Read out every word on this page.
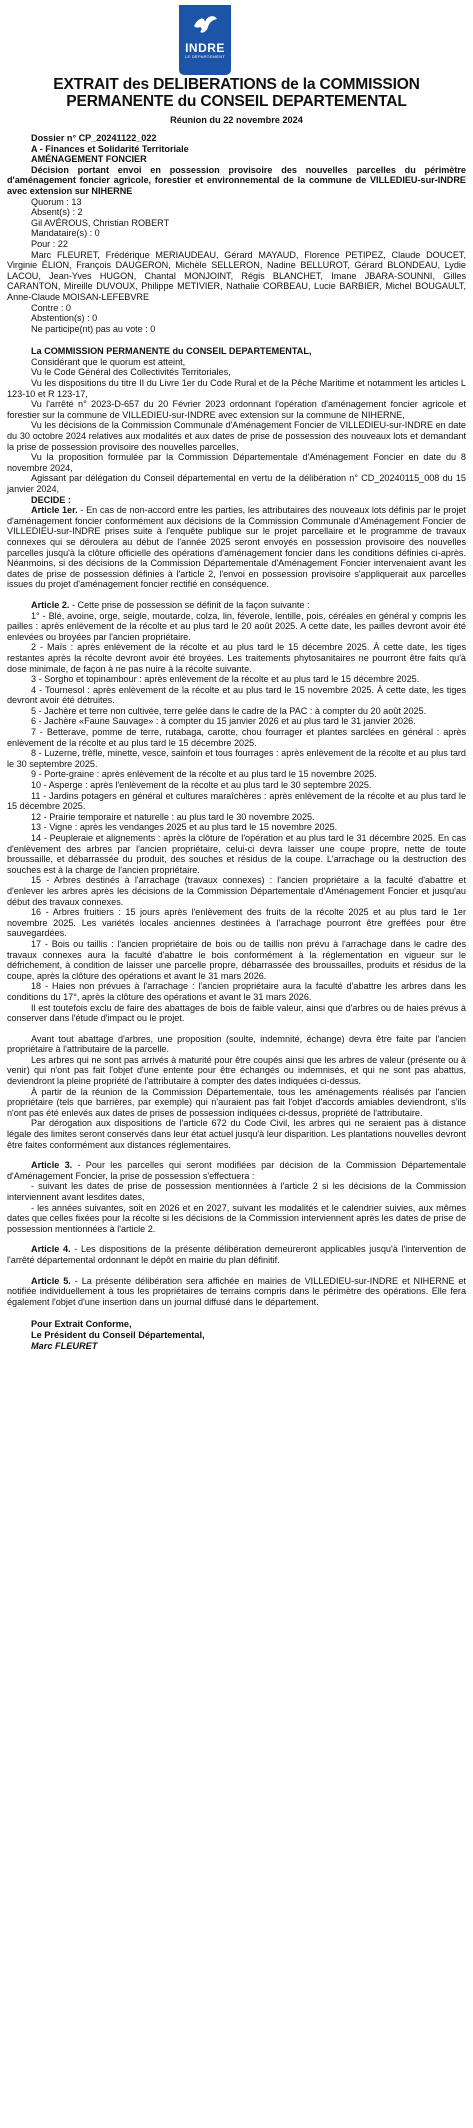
INDRE
LE DÉPARTEMENT
EXTRAIT des DELIBERATIONS de la COMMISSION
PERMANENTE du CONSEIL DEPARTEMENTAL
Réunion du 22 novembre 2024
Dossier n° CP_20241122_022
A - Finances et Solidarité Territoriale
AMÉNAGEMENT FONCIER
Décision portant envoi en possession provisoire des nouvelles parcelles du périmètre d'aménagement foncier agricole, forestier et environnemental de la commune de VILLEDIEU-sur-INDRE avec extension sur NIHERNE
Quorum : 13
Absent(s) : 2
Gil AVÉROUS, Christian ROBERT
Mandataire(s) : 0
Pour : 22
Marc FLEURET, Frédérique MERIAUDEAU, Gérard MAYAUD, Florence PETIPEZ, Claude DOUCET, Virginie ÉLION, François DAUGERON, Michèle SELLERON, Nadine BELLUROT, Gérard BLONDEAU, Lydie LACOU, Jean-Yves HUGON, Chantal MONJOINT, Régis BLANCHET, Imane JBARA-SOUNNI, Gilles CARANTON, Mireille DUVOUX, Philippe METIVIER, Nathalie CORBEAU, Lucie BARBIER, Michel BOUGAULT, Anne-Claude MOISAN-LEFEBVRE
Contre : 0
Abstention(s) : 0
Ne participe(nt) pas au vote : 0
La COMMISSION PERMANENTE du CONSEIL DEPARTEMENTAL,
Considérant que le quorum est atteint,
Vu le Code Général des Collectivités Territoriales,
Vu les dispositions du titre II du Livre 1er du Code Rural et de la Pêche Maritime et notamment les articles L 123-10 et R 123-17,
Vu l'arrêté n° 2023-D-657 du 20 Février 2023 ordonnant l'opération d'aménagement foncier agricole et forestier sur la commune de VILLEDIEU-sur-INDRE avec extension sur la commune de NIHERNE,
Vu les décisions de la Commission Communale d'Aménagement Foncier de VILLEDIEU-sur-INDRE en date du 30 octobre 2024 relatives aux modalités et aux dates de prise de possession des nouveaux lots et demandant la prise de possession provisoire des nouvelles parcelles,
Vu la proposition formulée par la Commission Départementale d'Aménagement Foncier en date du 8 novembre 2024,
Agissant par délégation du Conseil départemental en vertu de la délibération n° CD_20240115_008 du 15 janvier 2024,
DECIDE :
Article 1er. - En cas de non-accord entre les parties, les attributaires des nouveaux lots définis par le projet d'aménagement foncier conformément aux décisions de la Commission Communale d'Aménagement Foncier de VILLEDIEU-sur-INDRE prises suite à l'enquête publique sur le projet parcellaire et le programme de travaux connexes qui se déroulera au début de l'année 2025 seront envoyés en possession provisoire des nouvelles parcelles jusqu'à la clôture officielle des opérations d'aménagement foncier dans les conditions définies ci-après. Néanmoins, si des décisions de la Commission Départementale d'Aménagement Foncier intervenaient avant les dates de prise de possession définies à l'article 2, l'envoi en possession provisoire s'appliquerait aux parcelles issues du projet d'aménagement foncier rectifié en conséquence.
Article 2. - Cette prise de possession se définit de la façon suivante :
1° - Blé, avoine, orge, seigle, moutarde, colza, lin, féverole, lentille, pois, céréales en général y compris les pailles : après enlèvement de la récolte et au plus tard le 20 août 2025. A cette date, les pailles devront avoir été enlevées ou broyées par l'ancien propriétaire.
2 - Maïs : après enlèvement de la récolte et au plus tard le 15 décembre 2025. À cette date, les tiges restantes après la récolte devront avoir été broyées. Les traitements phytosanitaires ne pourront être faits qu'à dose minimale, de façon à ne pas nuire à la récolte suivante.
3 - Sorgho et topinambour : après enlèvement de la récolte et au plus tard le 15 décembre 2025.
4 - Tournesol : après enlèvement de la récolte et au plus tard le 15 novembre 2025. À cette date, les tiges devront avoir été détruites.
5 - Jachère et terre non cultivée, terre gelée dans le cadre de la PAC : à compter du 20 août 2025.
6 - Jachère «Faune Sauvage» : à compter du 15 janvier 2026 et au plus tard le 31 janvier 2026.
7 - Betterave, pomme de terre, rutabaga, carotte, chou fourrager et plantes sarclées en général : après enlèvement de la récolte et au plus tard le 15 décembre 2025.
8 - Luzerne, trèfle, minette, vesce, sainfoin et tous fourrages : après enlèvement de la récolte et au plus tard le 30 septembre 2025.
9 - Porte-graine : après enlèvement de la récolte et au plus tard le 15 novembre 2025.
10 - Asperge : après l'enlèvement de la récolte et au plus tard le 30 septembre 2025.
11 - Jardins potagers en général et cultures maraîchères : après enlèvement de la récolte et au plus tard le 15 décembre 2025.
12 - Prairie temporaire et naturelle : au plus tard le 30 novembre 2025.
13 - Vigne : après les vendanges 2025 et au plus tard le 15 novembre 2025.
14 - Peupleraie et alignements : après la clôture de l'opération et au plus tard le 31 décembre 2025. En cas d'enlèvement des arbres par l'ancien propriétaire, celui-ci devra laisser une coupe propre, nette de toute broussaille, et débarrassée du produit, des souches et résidus de la coupe. L'arrachage ou la destruction des souches est à la charge de l'ancien propriétaire.
15 - Arbres destinés à l'arrachage (travaux connexes) : l'ancien propriétaire a la faculté d'abattre et d'enlever les arbres après les décisions de la Commission Départementale d'Aménagement Foncier et jusqu'au début des travaux connexes.
16 - Arbres fruitiers : 15 jours après l'enlèvement des fruits de la récolte 2025 et au plus tard le 1er novembre 2025. Les variétés locales anciennes destinées à l'arrachage pourront être greffées pour être sauvegardées.
17 - Bois ou taillis : l'ancien propriétaire de bois ou de taillis non prévu à l'arrachage dans le cadre des travaux connexes aura la faculté d'abattre le bois conformément à la réglementation en vigueur sur le défrichement, à condition de laisser une parcelle propre, débarrassée des broussailles, produits et résidus de la coupe, après la clôture des opérations et avant le 31 mars 2026.
18 - Haies non prévues à l'arrachage : l'ancien propriétaire aura la faculté d'abattre les arbres dans les conditions du 17°, après la clôture des opérations et avant le 31 mars 2026.
Il est toutefois exclu de faire des abattages de bois de faible valeur, ainsi que d'arbres ou de haies prévus à conserver dans l'étude d'impact ou le projet.
Avant tout abattage d'arbres, une proposition (soulte, indemnité, échange) devra être faite par l'ancien propriétaire à l'attributaire de la parcelle.
Les arbres qui ne sont pas arrivés à maturité pour être coupés ainsi que les arbres de valeur (présente ou à venir) qui n'ont pas fait l'objet d'une entente pour être échangés ou indemnisés, et qui ne sont pas abattus, deviendront la pleine propriété de l'attributaire à compter des dates indiquées ci-dessus.
À partir de la réunion de la Commission Départementale, tous les aménagements réalisés par l'ancien propriétaire (tels que barrières, par exemple) qui n'auraient pas fait l'objet d'accords amiables deviendront, s'ils n'ont pas été enlevés aux dates de prises de possession indiquées ci-dessus, propriété de l'attributaire.
Par dérogation aux dispositions de l'article 672 du Code Civil, les arbres qui ne seraient pas à distance légale des limites seront conservés dans leur état actuel jusqu'à leur disparition. Les plantations nouvelles devront être faites conformément aux distances réglementaires.
Article 3. - Pour les parcelles qui seront modifiées par décision de la Commission Départementale d'Aménagement Foncier, la prise de possession s'effectuera :
- suivant les dates de prise de possession mentionnées à l'article 2 si les décisions de la Commission interviennent avant lesdites dates,
- les années suivantes, soit en 2026 et en 2027, suivant les modalités et le calendrier suivies, aux mêmes dates que celles fixées pour la récolte si les décisions de la Commission interviennent après les dates de prise de possession mentionnées à l'article 2.
Article 4. - Les dispositions de la présente délibération demeureront applicables jusqu'à l'intervention de l'arrêté départemental ordonnant le dépôt en mairie du plan définitif.
Article 5. - La présente délibération sera affichée en mairies de VILLEDIEU-sur-INDRE et NIHERNE et notifiée individuellement à tous les propriétaires de terrains compris dans le périmètre des opérations. Elle fera également l'objet d'une insertion dans un journal diffusé dans le département.
Pour Extrait Conforme,
Le Président du Conseil Départemental,
Marc FLEURET
